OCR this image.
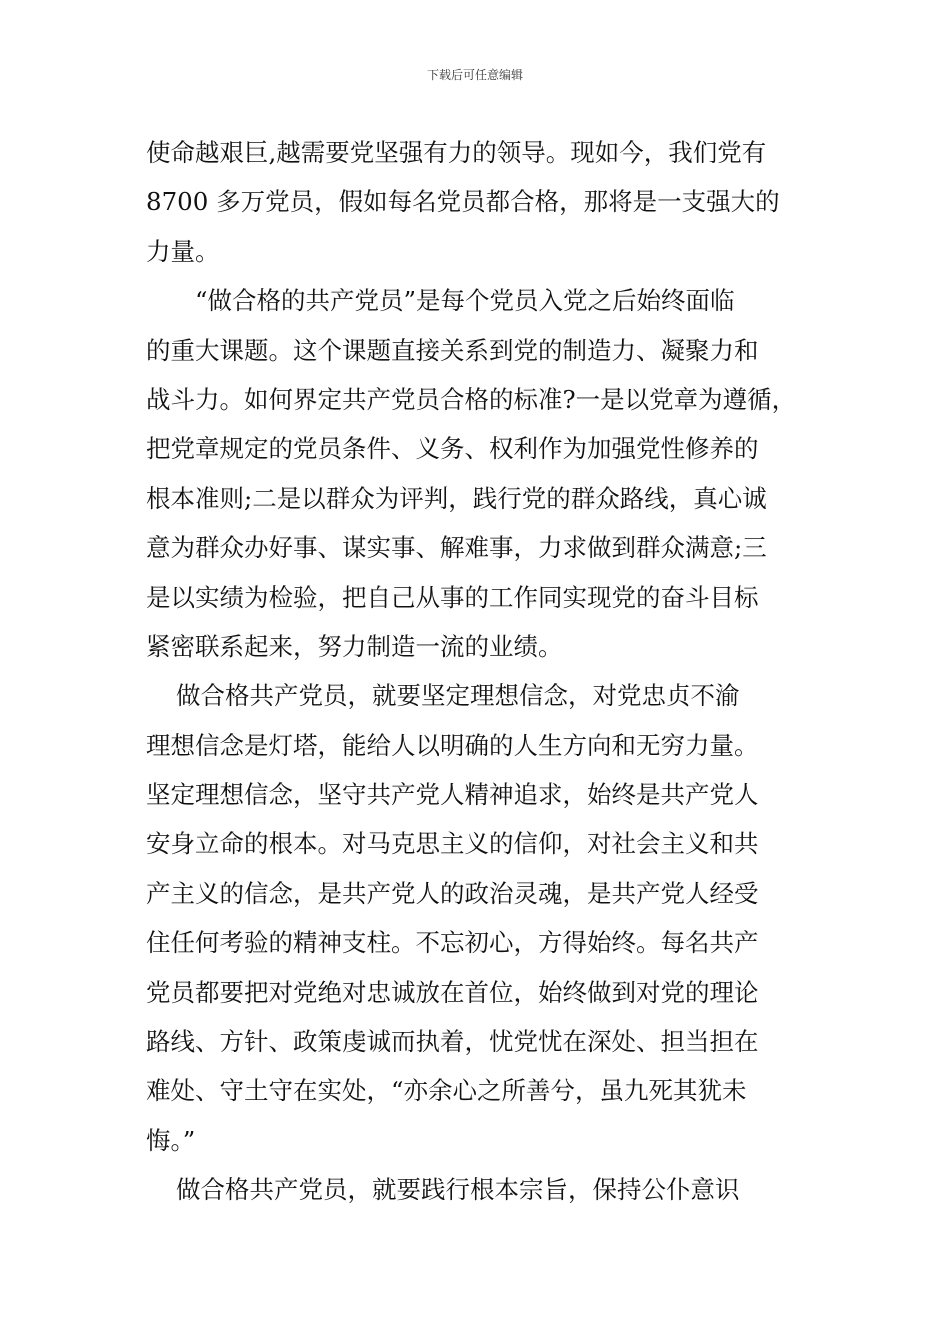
下载后可任意编辑
使命越艰巨,越需要党坚强有力的领导。现如今，我们党有
8700 多万党员，假如每名党员都合格，那将是一支强大的
力量。
“做合格的共产党员”是每个党员入党之后始终面临
的重大课题。这个课题直接关系到党的制造力、凝聚力和
战斗力。如何界定共产党员合格的标准?一是以党章为遵循，
把党章规定的党员条件、义务、权利作为加强党性修养的
根本准则;二是以群众为评判，践行党的群众路线，真心诚
意为群众办好事、谋实事、解难事，力求做到群众满意;三
是以实绩为检验，把自己从事的工作同实现党的奋斗目标
紧密联系起来，努力制造一流的业绩。
做合格共产党员，就要坚定理想信念，对党忠贞不渝
理想信念是灯塔，能给人以明确的人生方向和无穷力量。
坚定理想信念，坚守共产党人精神追求，始终是共产党人
安身立命的根本。对马克思主义的信仰，对社会主义和共
产主义的信念，是共产党人的政治灵魂，是共产党人经受
住任何考验的精神支柱。不忘初心，方得始终。每名共产
党员都要把对党绝对忠诚放在首位，始终做到对党的理论
路线、方针、政策虔诚而执着，忧党忧在深处、担当担在
难处、守土守在实处，“亦余心之所善兮，虽九死其犹未
悔。”
做合格共产党员，就要践行根本宗旨，保持公仆意识
